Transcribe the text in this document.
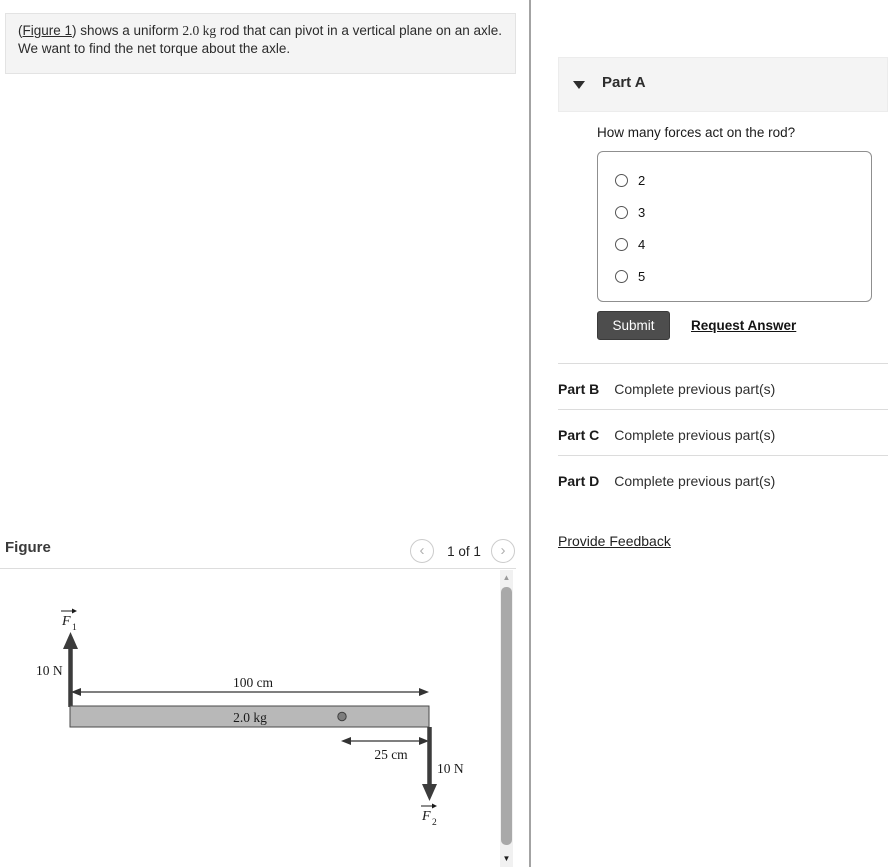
(Figure 1) shows a uniform 2.0 kg rod that can pivot in a vertical plane on an axle. We want to find the net torque about the axle.
Figure	‹	1 of 1	›
F 1
10 N
100 cm
2.0 kg
25 cm
10 N
F 2
▲
▼
Part A
How many forces act on the rod?
2
3
4
5
Submit	Request Answer
Part B Complete previous part(s)
Part C Complete previous part(s)
Part D Complete previous part(s)
Provide Feedback
